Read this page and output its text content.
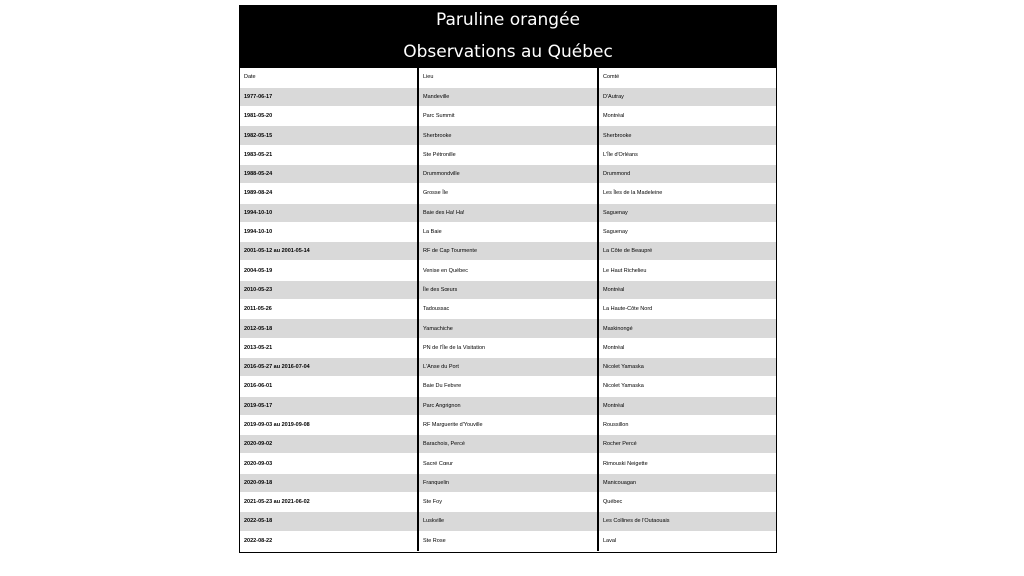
Paruline orangée
Observations au Québec
Date	Lieu	Comté
1977-06-17	Mandeville	D'Autray
1981-05-20	Parc Summit	Montréal
1982-05-15	Sherbrooke	Sherbrooke
1983-05-21	Ste Pétronille	L'Île d'Orléans
1988-05-24	Drummondville	Drummond
1989-08-24	Grosse Île	Les Îles de la Madeleine
1994-10-10	Baie des Ha! Ha!	Saguenay
1994-10-10	La Baie	Saguenay
2001-05-12 au 2001-05-14	RF de Cap Tourmente	La Côte de Beaupré
2004-05-19	Venise en Québec	Le Haut Richelieu
2010-05-23	Île des Sœurs	Montréal
2011-05-26	Tadoussac	La Haute-Côte Nord
2012-05-18	Yamachiche	Maskinongé
2013-05-21	PN de l'Île de la Visitation	Montréal
2016-05-27 au 2016-07-04	L'Anse du Port	Nicolet Yamaska
2016-06-01	Baie Du Febvre	Nicolet Yamaska
2019-05-17	Parc Angrignon	Montréal
2019-09-03 au 2019-09-08	RF Marguerite d'Youville	Roussillon
2020-09-02	Barachois, Percé	Rocher Percé
2020-09-03	Sacré Cœur	Rimouski Neigette
2020-09-18	Franquelin	Manicouagan
2021-05-23 au 2021-06-02	Ste Foy	Québec
2022-05-18	Luskville	Les Collines de l'Outaouais
2022-08-22	Ste Rose	Laval
